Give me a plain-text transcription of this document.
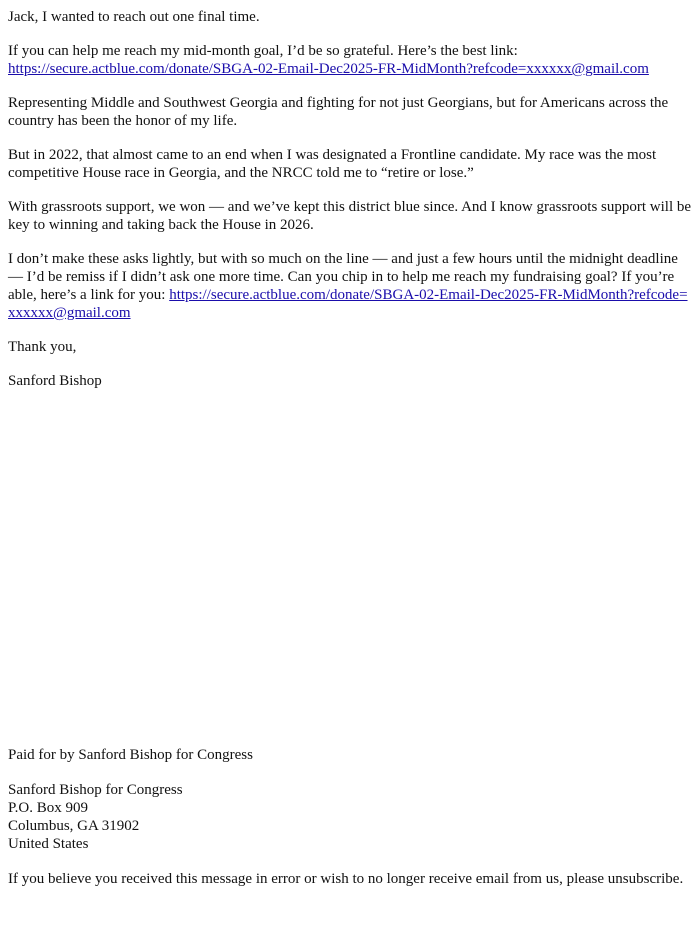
Jack, I wanted to reach out one final time.

If you can help me reach my mid-month goal, I’d be so grateful. Here’s the best link:
https://secure.actblue.com/donate/SBGA-02-Email-Dec2025-FR-MidMonth?refcode=xxxxxx@gmail.com

Representing Middle and Southwest Georgia and fighting for not just Georgians, but for Americans across the country has been the honor of my life.

But in 2022, that almost came to an end when I was designated a Frontline candidate. My race was the most competitive House race in Georgia, and the NRCC told me to “retire or lose.”

With grassroots support, we won — and we’ve kept this district blue since. And I know grassroots support will be key to winning and taking back the House in 2026.

I don’t make these asks lightly, but with so much on the line — and just a few hours until the midnight deadline — I’d be remiss if I didn’t ask one more time. Can you chip in to help me reach my fundraising goal? If you’re able, here’s a link for you: https://secure.actblue.com/donate/SBGA-02-Email-Dec2025-FR-MidMonth?refcode=xxxxxx@gmail.com

Thank you,

Sanford Bishop

Paid for by Sanford Bishop for Congress

Sanford Bishop for Congress
P.O. Box 909
Columbus, GA 31902
United States

If you believe you received this message in error or wish to no longer receive email from us, please unsubscribe.
